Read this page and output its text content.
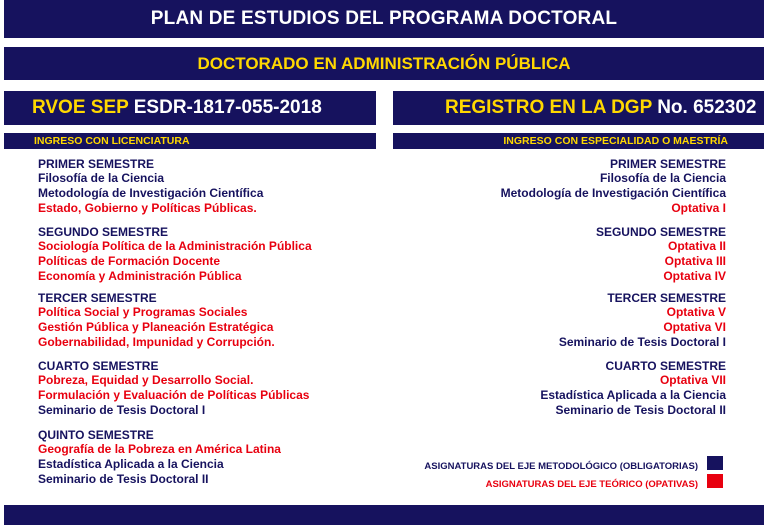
PLAN DE ESTUDIOS DEL PROGRAMA DOCTORAL
DOCTORADO EN ADMINISTRACIÓN PÚBLICA
RVOE SEP ESDR-1817-055-2018	REGISTRO EN LA DGP No. 652302
INGRESO CON LICENCIATURA	INGRESO CON ESPECIALIDAD O MAESTRÍA
PRIMER SEMESTRE
Filosofía de la Ciencia
Metodología de Investigación Científica
Estado, Gobierno y Políticas Públicas.
SEGUNDO SEMESTRE
Sociología Política de la Administración Pública
Políticas de Formación Docente
Economía y Administración Pública
TERCER SEMESTRE
Política Social y Programas Sociales
Gestión Pública y Planeación Estratégica
Gobernabilidad, Impunidad y Corrupción.
CUARTO SEMESTRE
Pobreza, Equidad y Desarrollo Social.
Formulación y Evaluación de Políticas Públicas
Seminario de Tesis Doctoral I
QUINTO SEMESTRE
Geografía de la Pobreza en América Latina
Estadística Aplicada a la Ciencia
Seminario de Tesis Doctoral II
PRIMER SEMESTRE
Filosofía de la Ciencia
Metodología de Investigación Científica
Optativa I
SEGUNDO SEMESTRE
Optativa II
Optativa III
Optativa IV
TERCER SEMESTRE
Optativa V
Optativa VI
Seminario de Tesis Doctoral I
CUARTO SEMESTRE
Optativa VII
Estadística Aplicada a la Ciencia
Seminario de Tesis Doctoral II
ASIGNATURAS DEL EJE METODOLÓGICO (OBLIGATORIAS)
ASIGNATURAS DEL EJE TEÓRICO (OPATIVAS)
